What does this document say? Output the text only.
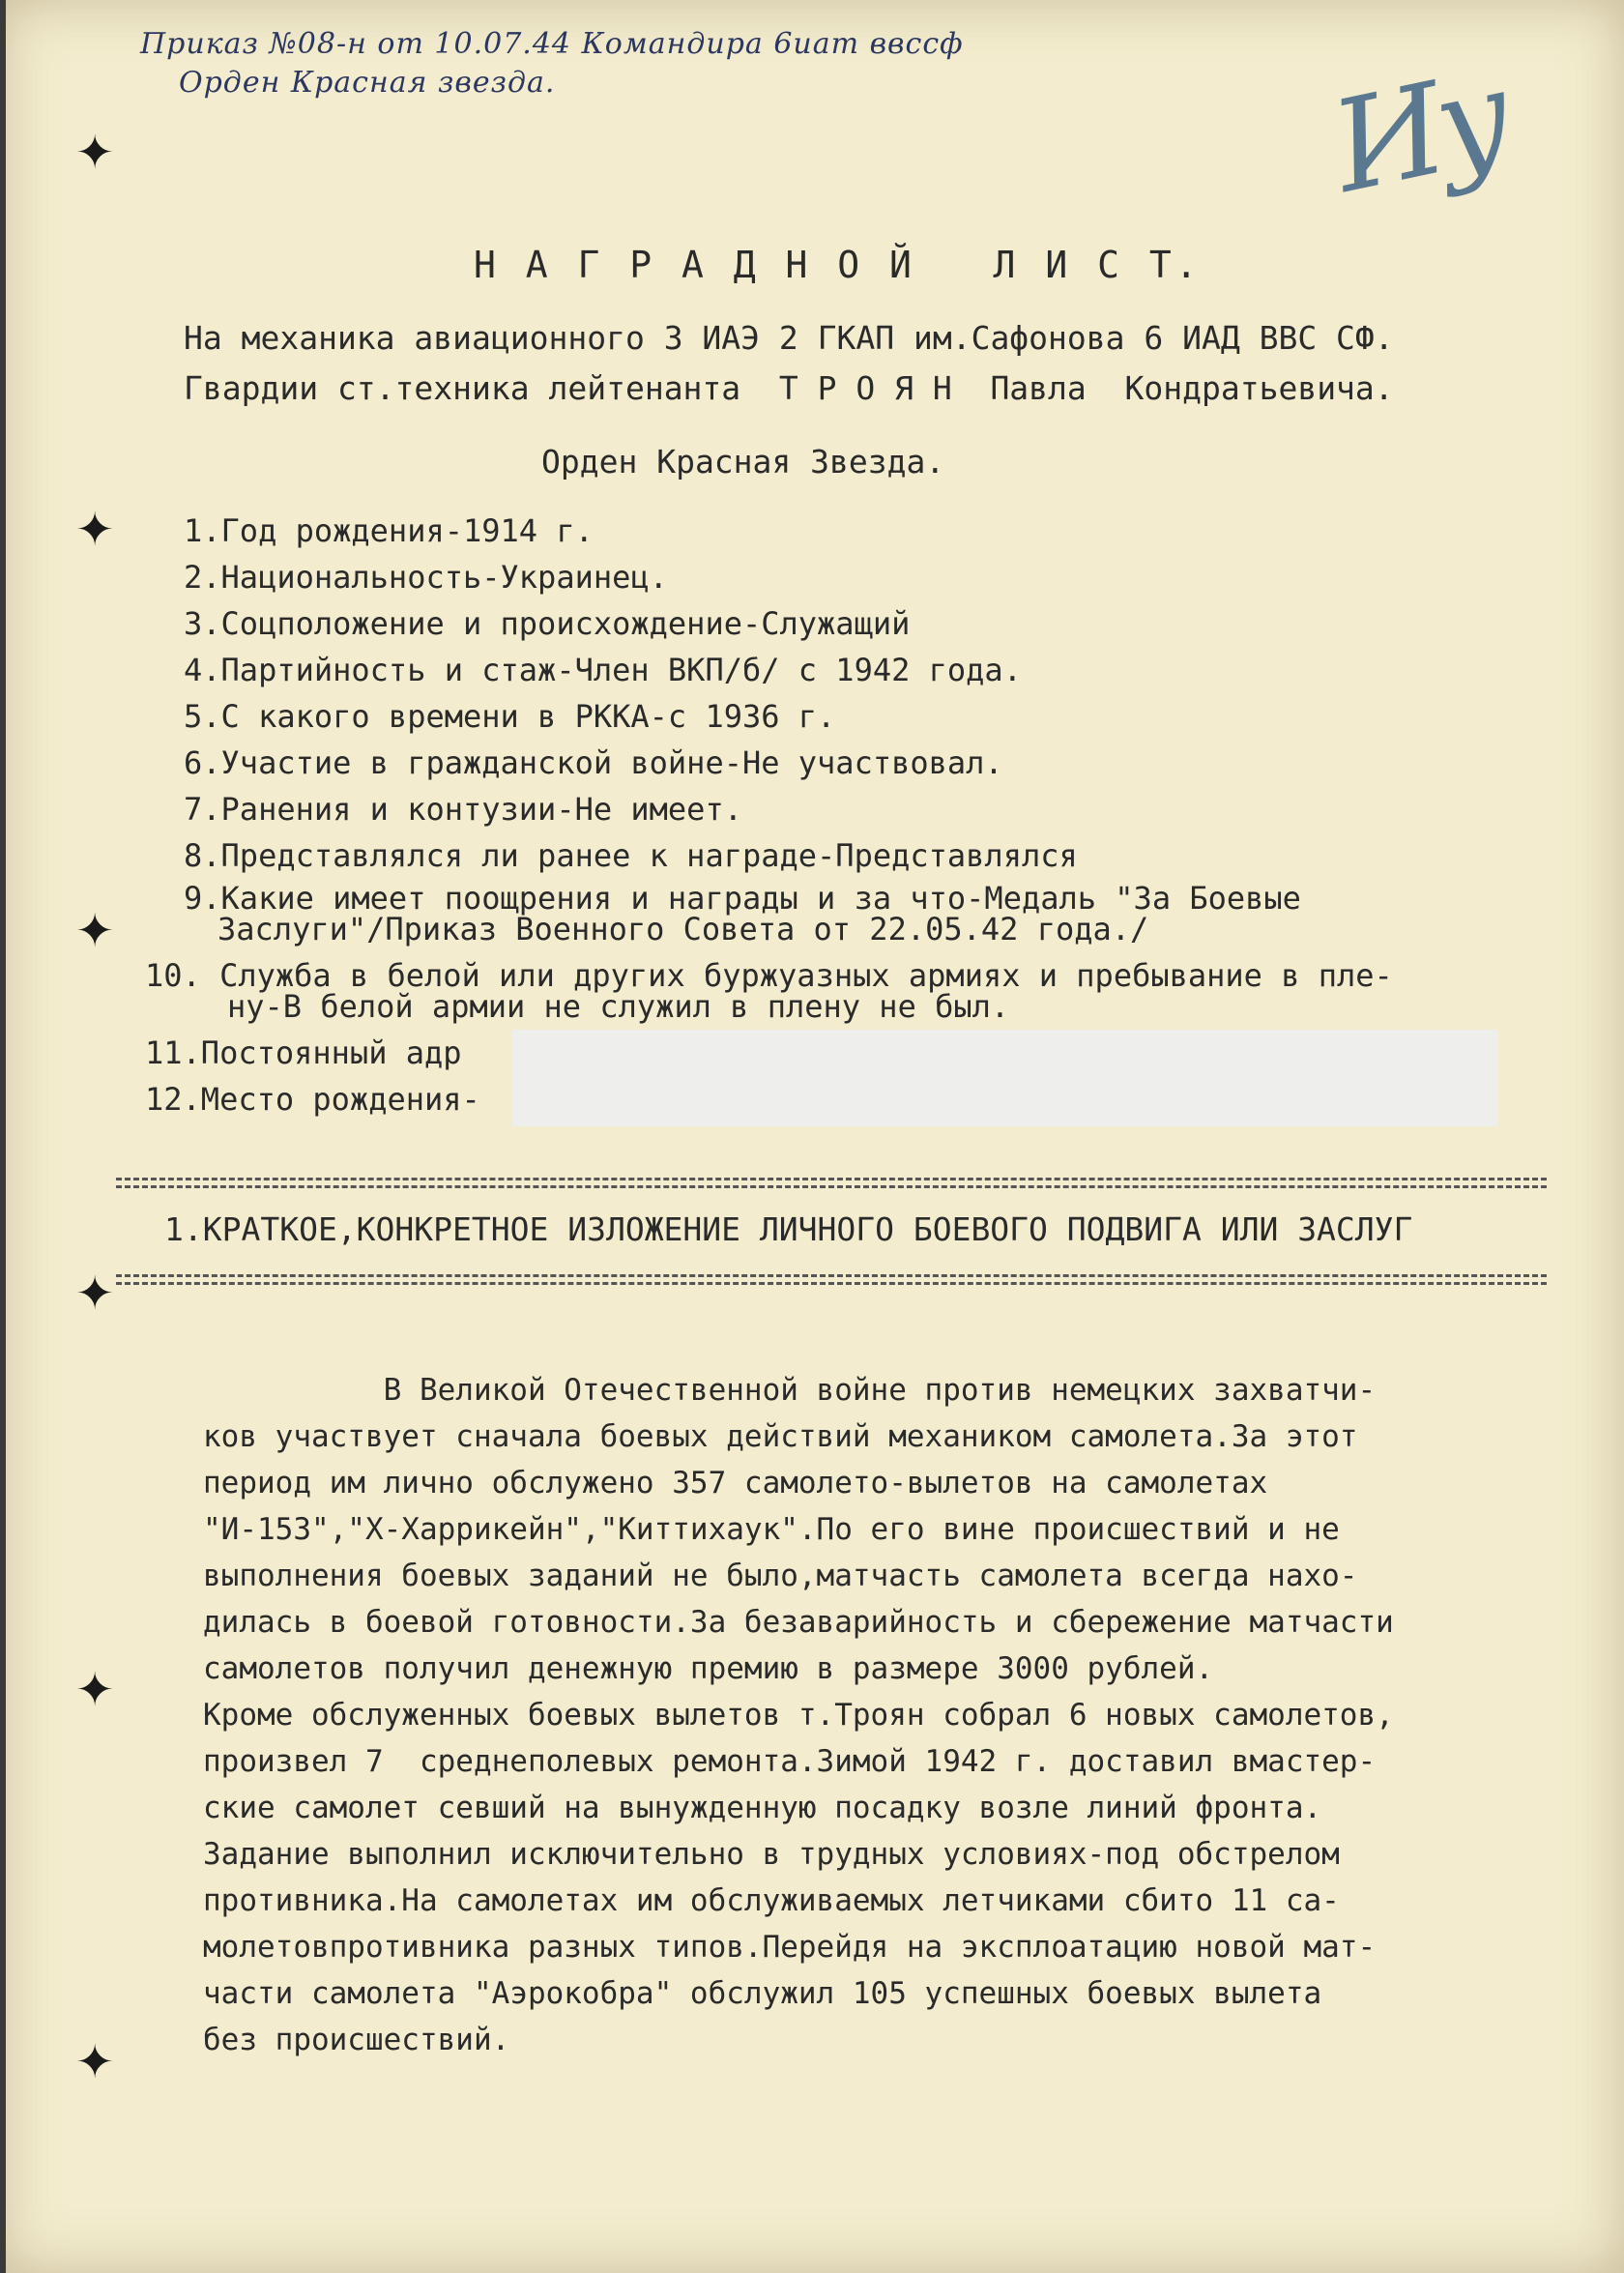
Приказ №08-н от 10.07.44 Командира 6иат ввссф
Орден Красная звезда.	Иу
✦
✦
✦
✦
✦
✦
Н А Г Р А Д Н О Й   Л И С Т.
На механика авиационного 3 ИАЭ 2 ГКАП им.Сафонова 6 ИАД ВВС СФ.
Гвардии ст.техника лейтенанта  Т Р О Я Н  Павла  Кондратьевича.
Орден Красная Звезда.
1.Год рождения-1914 г.
2.Национальность-Украинец.
3.Соцположение и происхождение-Служащий
4.Партийность и стаж-Член ВКП/б/ с 1942 года.
5.С какого времени в РККА-с 1936 г.
6.Участие в гражданской войне-Не участвовал.
7.Ранения и контузии-Не имеет.
8.Представлялся ли ранее к награде-Представлялся
9.Какие имеет поощрения и награды и за что-Медаль "За Боевые
Заслуги"/Приказ Военного Совета от 22.05.42 года./
10. Служба в белой или других буржуазных армиях и пребывание в пле-
ну-В белой армии не служил в плену не был.
11.Постоянный адр
12.Место рождения-
1.КРАТКОЕ,КОНКРЕТНОЕ ИЗЛОЖЕНИЕ ЛИЧНОГО БОЕВОГО ПОДВИГА ИЛИ ЗАСЛУГ
В Великой Отечественной войне против немецких захватчи-
ков участвует сначала боевых действий механиком самолета.За этот
период им лично обслужено 357 самолето-вылетов на самолетах
"И-153","Х-Харрикейн","Киттихаук".По его вине происшествий и не
выполнения боевых заданий не было,матчасть самолета всегда нахо-
дилась в боевой готовности.За безаварийность и сбережение матчасти
самолетов получил денежную премию в размере 3000 рублей.
Кроме обслуженных боевых вылетов т.Троян собрал 6 новых самолетов,
произвел 7  среднеполевых ремонта.Зимой 1942 г. доставил вмастер-
ские самолет севший на вынужденную посадку возле линий фронта.
Задание выполнил исключительно в трудных условиях-под обстрелом
противника.На самолетах им обслуживаемых летчиками сбито 11 са-
молетовпротивника разных типов.Перейдя на эксплоатацию новой мат-
части самолета "Аэрокобра" обслужил 105 успешных боевых вылета
без происшествий.
